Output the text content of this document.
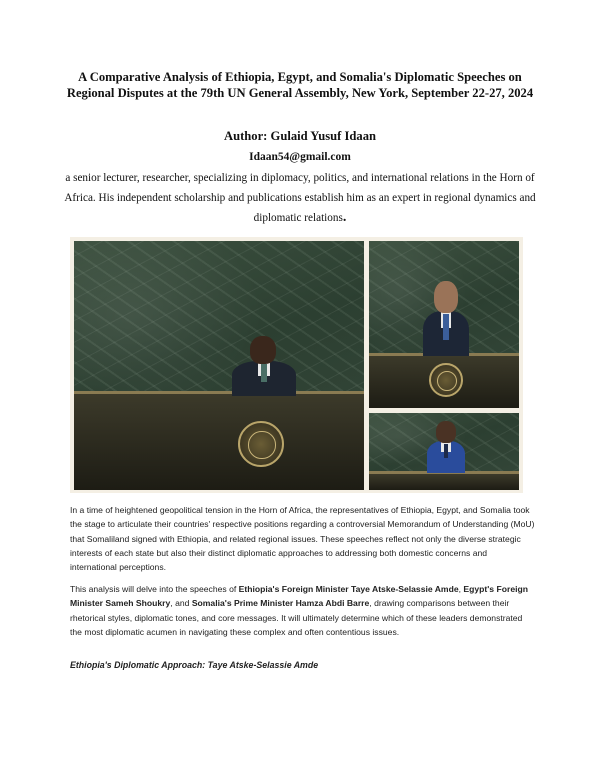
A Comparative Analysis of Ethiopia, Egypt, and Somalia's Diplomatic Speeches on Regional Disputes at the 79th UN General Assembly, New York, September 22-27, 2024
Author: Gulaid Yusuf Idaan
Idaan54@gmail.com
a senior lecturer, researcher, specializing in diplomacy, politics, and international relations in the Horn of Africa. His independent scholarship and publications establish him as an expert in regional dynamics and diplomatic relations.
In a time of heightened geopolitical tension in the Horn of Africa, the representatives of Ethiopia, Egypt, and Somalia took the stage to articulate their countries' respective positions regarding a controversial Memorandum of Understanding (MoU) that Somaliland signed with Ethiopia, and related regional issues. These speeches reflect not only the diverse strategic interests of each state but also their distinct diplomatic approaches to addressing both domestic concerns and international perceptions.
This analysis will delve into the speeches of Ethiopia's Foreign Minister Taye Atske-Selassie Amde, Egypt's Foreign Minister Sameh Shoukry, and Somalia's Prime Minister Hamza Abdi Barre, drawing comparisons between their rhetorical styles, diplomatic tones, and core messages. It will ultimately determine which of these leaders demonstrated the most diplomatic acumen in navigating these complex and often contentious issues.
Ethiopia's Diplomatic Approach: Taye Atske-Selassie Amde
